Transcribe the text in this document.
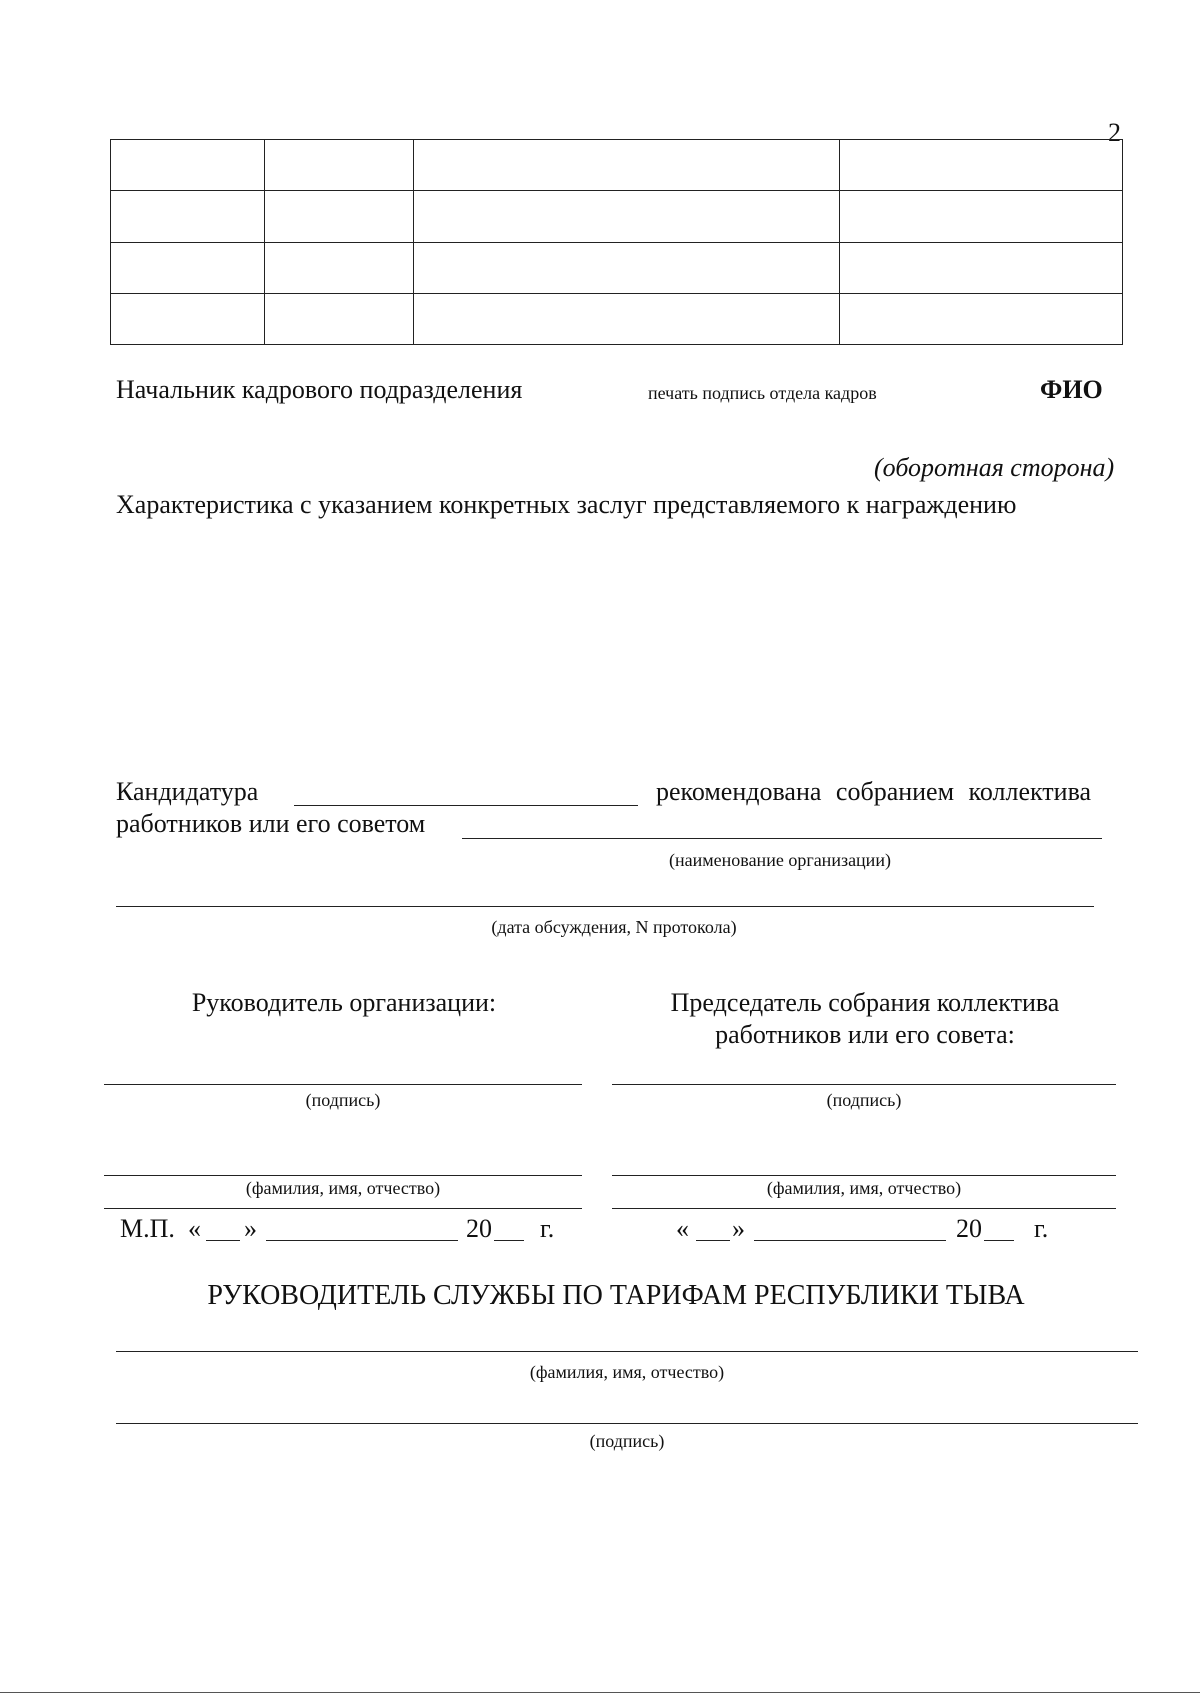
2

Начальник кадрового подразделения	печать подпись отдела кадров	ФИО
(оборотная сторона)
Характеристика с указанием конкретных заслуг представляемого к награждению
Кандидатура	рекомендована собранием коллектива
работников или его советом
(наименование организации)
(дата обсуждения, N протокола)
Руководитель организации:	Председатель собрания коллектива
работников или его совета:
(подпись)	(подпись)
(фамилия, имя, отчество)	(фамилия, имя, отчество)
М.П. « »	20 г.	« »	20 г.
РУКОВОДИТЕЛЬ СЛУЖБЫ ПО ТАРИФАМ РЕСПУБЛИКИ ТЫВА
(фамилия, имя, отчество)
(подпись)
